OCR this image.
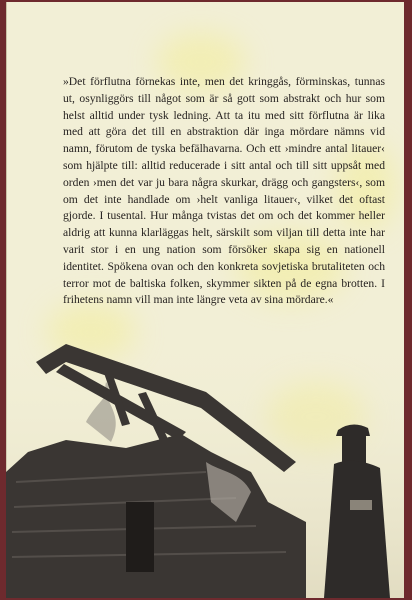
»Det förflutna förnekas inte, men det kringgås, förminskas, tunnas ut, osynliggörs till något som är så gott som abstrakt och hur som helst alltid under tysk ledning. Att ta itu med sitt förflutna är lika med att göra det till en abstraktion där inga mördare nämns vid namn, förutom de tyska befälhavarna. Och ett ›mindre antal litauer‹ som hjälpte till: alltid reducerade i sitt antal och till sitt uppsåt med orden ›men det var ju bara några skurkar, drägg och gangsters‹, som om det inte handlade om ›helt vanliga litauer‹, vilket det oftast gjorde. I tusental. Hur många tvistas det om och det kommer heller aldrig att kunna klarläggas helt, särskilt som viljan till detta inte har varit stor i en ung nation som försöker skapa sig en nationell identitet. Spökena ovan och den konkreta sovjetiska brutaliteten och terror mot de baltiska folken, skymmer sikten på de egna brotten. I frihetens namn vill man inte längre veta av sina mördare.«
